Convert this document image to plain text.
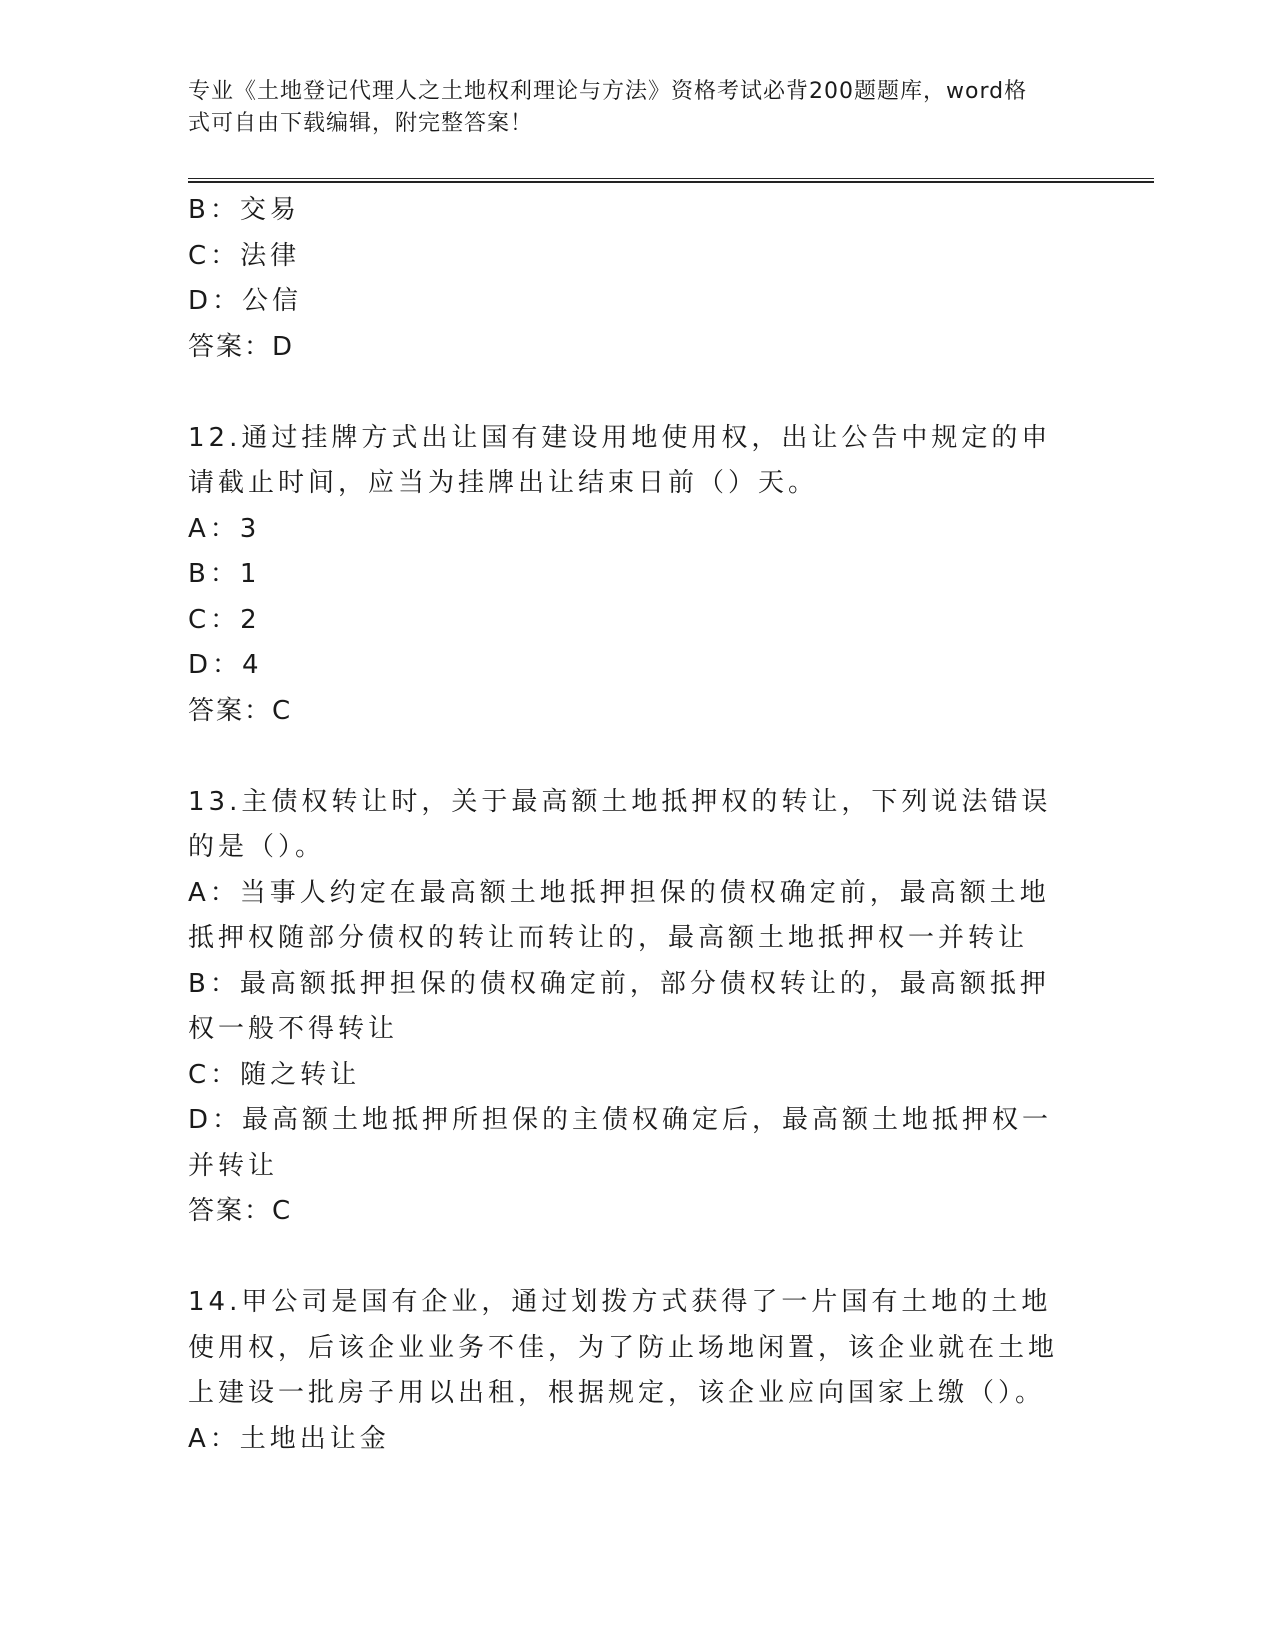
专业《土地登记代理人之土地权利理论与方法》资格考试必背200题题库，word格式可自由下载编辑，附完整答案！

B：交易

C：法律

D：公信

答案：D

12.通过挂牌方式出让国有建设用地使用权，出让公告中规定的申请截止时间，应当为挂牌出让结束日前（）天。

A：3

B：1

C：2

D：4

答案：C

13.主债权转让时，关于最高额土地抵押权的转让，下列说法错误的是（）。

A：当事人约定在最高额土地抵押担保的债权确定前，最高额土地抵押权随部分债权的转让而转让的，最高额土地抵押权一并转让

B：最高额抵押担保的债权确定前，部分债权转让的，最高额抵押权一般不得转让

C：随之转让

D：最高额土地抵押所担保的主债权确定后，最高额土地抵押权一并转让

答案：C

14.甲公司是国有企业，通过划拨方式获得了一片国有土地的土地使用权，后该企业业务不佳，为了防止场地闲置，该企业就在土地上建设一批房子用以出租，根据规定，该企业应向国家上缴（）。

A：土地出让金
